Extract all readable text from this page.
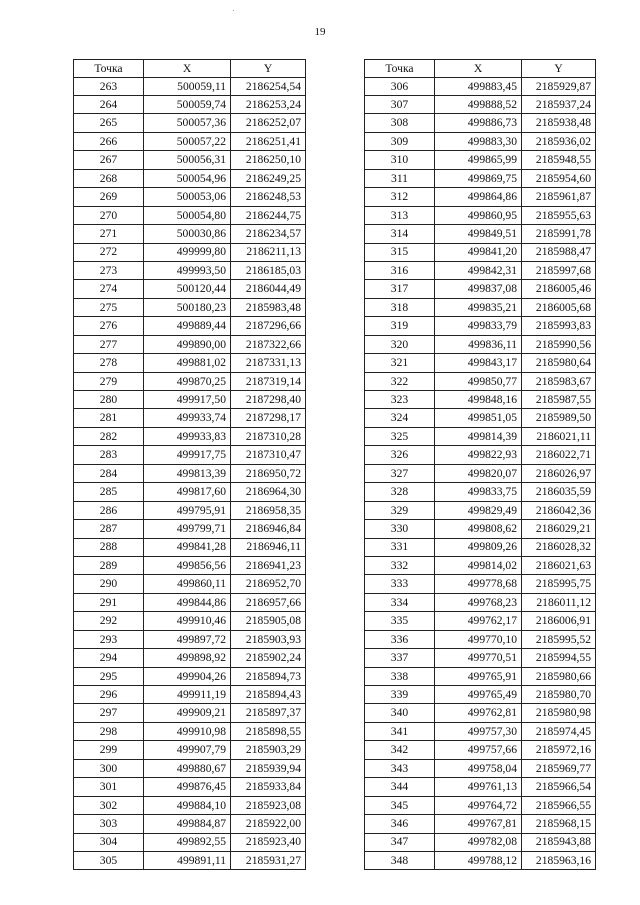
19
Точка	X	Y
263	500059,11	2186254,54
264	500059,74	2186253,24
265	500057,36	2186252,07
266	500057,22	2186251,41
267	500056,31	2186250,10
268	500054,96	2186249,25
269	500053,06	2186248,53
270	500054,80	2186244,75
271	500030,86	2186234,57
272	499999,80	2186211,13
273	499993,50	2186185,03
274	500120,44	2186044,49
275	500180,23	2185983,48
276	499889,44	2187296,66
277	499890,00	2187322,66
278	499881,02	2187331,13
279	499870,25	2187319,14
280	499917,50	2187298,40
281	499933,74	2187298,17
282	499933,83	2187310,28
283	499917,75	2187310,47
284	499813,39	2186950,72
285	499817,60	2186964,30
286	499795,91	2186958,35
287	499799,71	2186946,84
288	499841,28	2186946,11
289	499856,56	2186941,23
290	499860,11	2186952,70
291	499844,86	2186957,66
292	499910,46	2185905,08
293	499897,72	2185903,93
294	499898,92	2185902,24
295	499904,26	2185894,73
296	499911,19	2185894,43
297	499909,21	2185897,37
298	499910,98	2185898,55
299	499907,79	2185903,29
300	499880,67	2185939,94
301	499876,45	2185933,84
302	499884,10	2185923,08
303	499884,87	2185922,00
304	499892,55	2185923,40
305	499891,11	2185931,27
Точка	X	Y
306	499883,45	2185929,87
307	499888,52	2185937,24
308	499886,73	2185938,48
309	499883,30	2185936,02
310	499865,99	2185948,55
311	499869,75	2185954,60
312	499864,86	2185961,87
313	499860,95	2185955,63
314	499849,51	2185991,78
315	499841,20	2185988,47
316	499842,31	2185997,68
317	499837,08	2186005,46
318	499835,21	2186005,68
319	499833,79	2185993,83
320	499836,11	2185990,56
321	499843,17	2185980,64
322	499850,77	2185983,67
323	499848,16	2185987,55
324	499851,05	2185989,50
325	499814,39	2186021,11
326	499822,93	2186022,71
327	499820,07	2186026,97
328	499833,75	2186035,59
329	499829,49	2186042,36
330	499808,62	2186029,21
331	499809,26	2186028,32
332	499814,02	2186021,63
333	499778,68	2185995,75
334	499768,23	2186011,12
335	499762,17	2186006,91
336	499770,10	2185995,52
337	499770,51	2185994,55
338	499765,91	2185980,66
339	499765,49	2185980,70
340	499762,81	2185980,98
341	499757,30	2185974,45
342	499757,66	2185972,16
343	499758,04	2185969,77
344	499761,13	2185966,54
345	499764,72	2185966,55
346	499767,81	2185968,15
347	499782,08	2185943,88
348	499788,12	2185963,16
